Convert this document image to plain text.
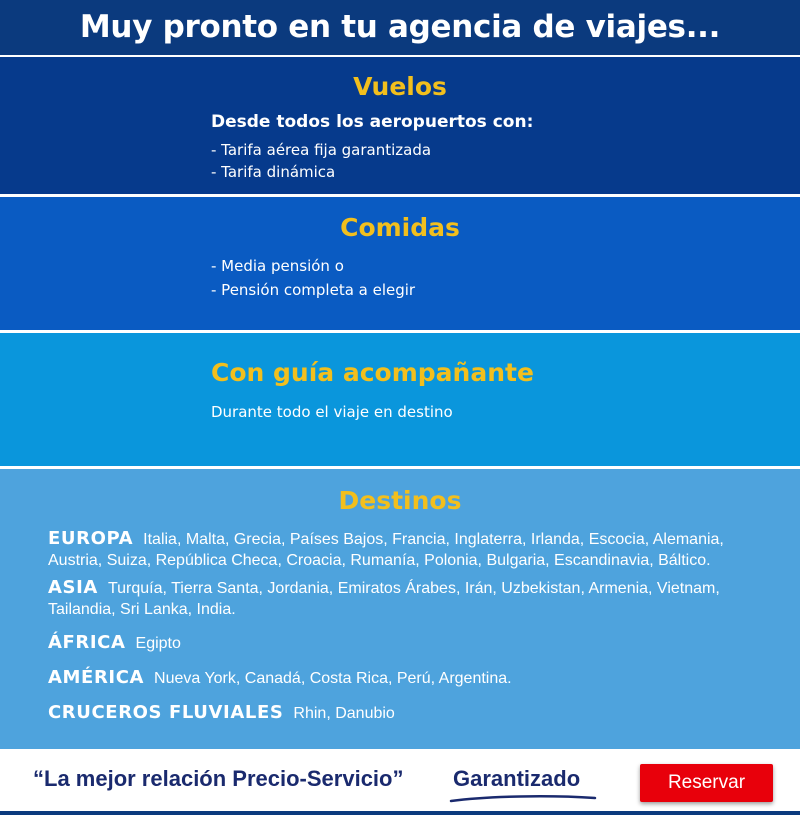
Muy pronto en tu agencia de viajes...
Vuelos
Desde todos los aeropuertos con:
- Tarifa aérea fija garantizada
- Tarifa dinámica
Comidas
- Media pensión o
- Pensión completa a elegir
Con guía acompañante
Durante todo el viaje en destino
Destinos
EUROPA Italia, Malta, Grecia, Países Bajos, Francia, Inglaterra, Irlanda, Escocia, Alemania, Austria, Suiza, República Checa, Croacia, Rumanía, Polonia, Bulgaria, Escandinavia, Báltico.
ASIA Turquía, Tierra Santa, Jordania, Emiratos Árabes, Irán, Uzbekistan, Armenia, Vietnam, Tailandia, Sri Lanka, India.
ÁFRICA Egipto
AMÉRICA Nueva York, Canadá, Costa Rica, Perú, Argentina.
CRUCEROS FLUVIALES Rhin, Danubio
“La mejor relación Precio-Servicio” Garantizado	Reservar
